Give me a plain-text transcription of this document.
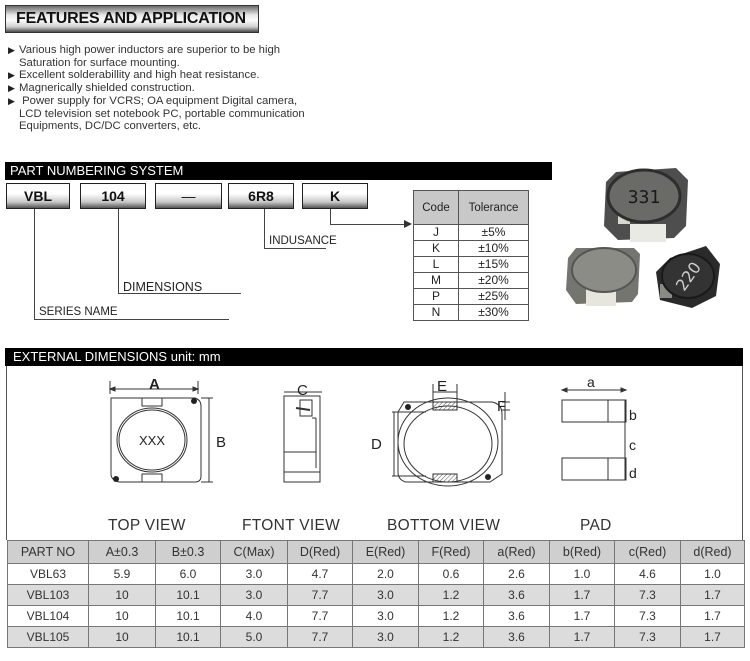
FEATURES AND APPLICATION
▶ Various high power inductors are superior to be high
Saturation for surface mounting.
▶ Excellent solderabillity and high heat resistance.
▶ Magnerically shielded construction.
▶ Power supply for VCRS; OA equipment Digital camera,
LCD television set notebook PC, portable communication
Equipments, DC/DC converters, etc.
PART NUMBERING SYSTEM
VBL	104	—	6R8	K
SERIES NAME
DIMENSIONS
INDUSANCE
Code	Tolerance
J	±5%
K	±10%
L	±15%
M	±20%
P	±25%
N	±30%
331
220
EXTERNAL DIMENSIONS unit: mm
XXX
A
B
C	E
F
D
a
b
c
d
TOP VIEW	FTONT VIEW	BOTTOM VIEW	PAD
PART NO	A±0.3	B±0.3	C(Max)	D(Red)	E(Red)	F(Red)	a(Red)	b(Red)	c(Red)	d(Red)
VBL63	5.9	6.0	3.0	4.7	2.0	0.6	2.6	1.0	4.6	1.0
VBL103	10	10.1	3.0	7.7	3.0	1.2	3.6	1.7	7.3	1.7
VBL104	10	10.1	4.0	7.7	3.0	1.2	3.6	1.7	7.3	1.7
VBL105	10	10.1	5.0	7.7	3.0	1.2	3.6	1.7	7.3	1.7
